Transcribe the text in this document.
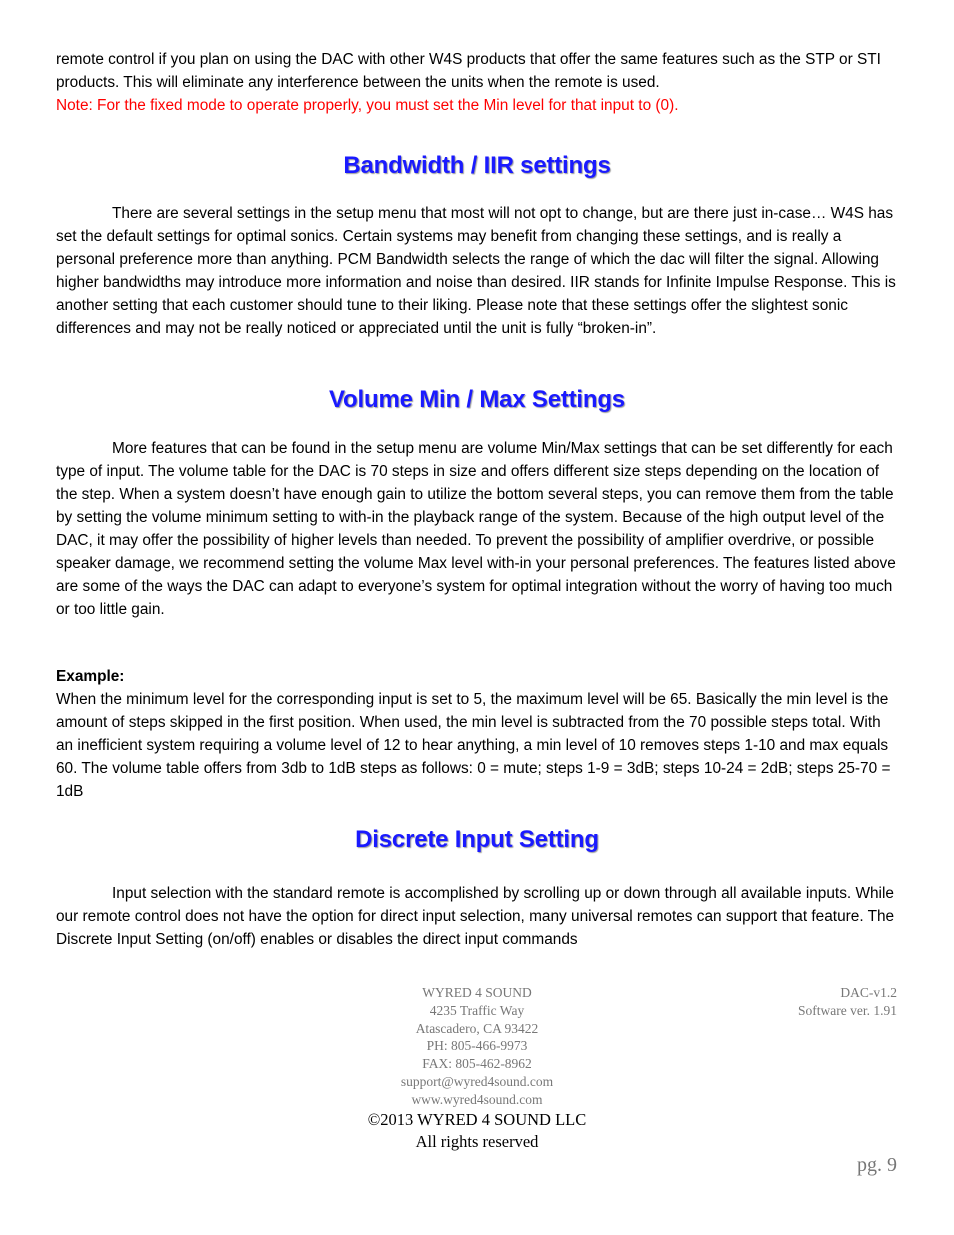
remote control if you plan on using the DAC with other W4S products that offer the same features such as the STP or STI products. This will eliminate any interference between the units when the remote is used.

Note: For the fixed mode to operate properly, you must set the Min level for that input to (0).

Bandwidth / IIR settings

There are several settings in the setup menu that most will not opt to change, but are there just in-case… W4S has set the default settings for optimal sonics. Certain systems may benefit from changing these settings, and is really a personal preference more than anything. PCM Bandwidth selects the range of which the dac will filter the signal. Allowing higher bandwidths may introduce more information and noise than desired. IIR stands for Infinite Impulse Response. This is another setting that each customer should tune to their liking. Please note that these settings offer the slightest sonic differences and may not be really noticed or appreciated until the unit is fully “broken-in”.

Volume Min / Max Settings

More features that can be found in the setup menu are volume Min/Max settings that can be set differently for each type of input. The volume table for the DAC is 70 steps in size and offers different size steps depending on the location of the step. When a system doesn’t have enough gain to utilize the bottom several steps, you can remove them from the table by setting the volume minimum setting to with-in the playback range of the system. Because of the high output level of the DAC, it may offer the possibility of higher levels than needed. To prevent the possibility of amplifier overdrive, or possible speaker damage, we recommend setting the volume Max level with-in your personal preferences. The features listed above are some of the ways the DAC can adapt to everyone’s system for optimal integration without the worry of having too much or too little gain.

Example:

When the minimum level for the corresponding input is set to 5, the maximum level will be 65. Basically the min level is the amount of steps skipped in the first position. When used, the min level is subtracted from the 70 possible steps total. With an inefficient system requiring a volume level of 12 to hear anything, a min level of 10 removes steps 1-10 and max equals 60. The volume table offers from 3db to 1dB steps as follows: 0 = mute; steps 1-9 = 3dB; steps 10-24 = 2dB; steps 25-70 = 1dB

Discrete Input Setting

Input selection with the standard remote is accomplished by scrolling up or down through all available inputs. While our remote control does not have the option for direct input selection, many universal remotes can support that feature. The Discrete Input Setting (on/off) enables or disables the direct input commands

WYRED 4 SOUND
4235 Traffic Way
Atascadero, CA 93422
PH: 805-466-9973
FAX: 805-462-8962
support@wyred4sound.com
www.wyred4sound.com
©2013 WYRED 4 SOUND LLC
All rights reserved
DAC-v1.2
Software ver. 1.91
pg. 9
